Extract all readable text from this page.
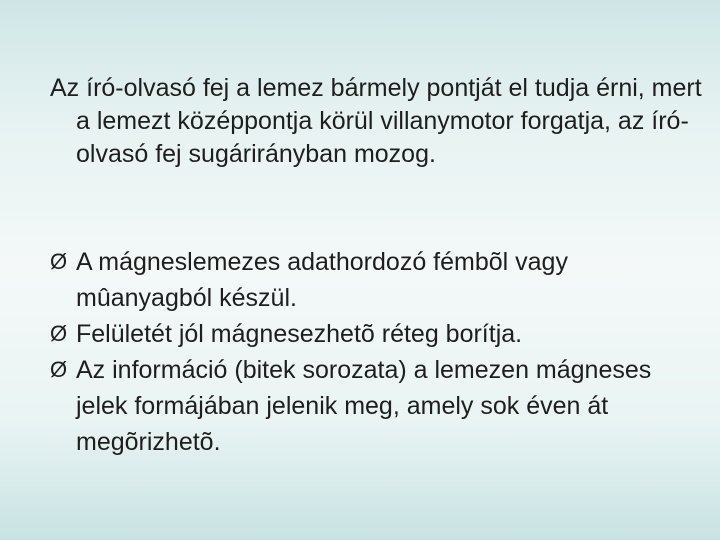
Az író-olvasó fej a lemez bármely pontját el tudja érni, mert a lemezt középpontja körül villanymotor forgatja, az író-olvasó fej sugárirányban mozog.

Ø A mágneslemezes adathordozó fémbõl vagy mûanyagból készül.
Ø Felületét jól mágnesezhetõ réteg borítja.
Ø Az információ (bitek sorozata) a lemezen mágneses jelek formájában jelenik meg, amely sok éven át megõrizhetõ.
